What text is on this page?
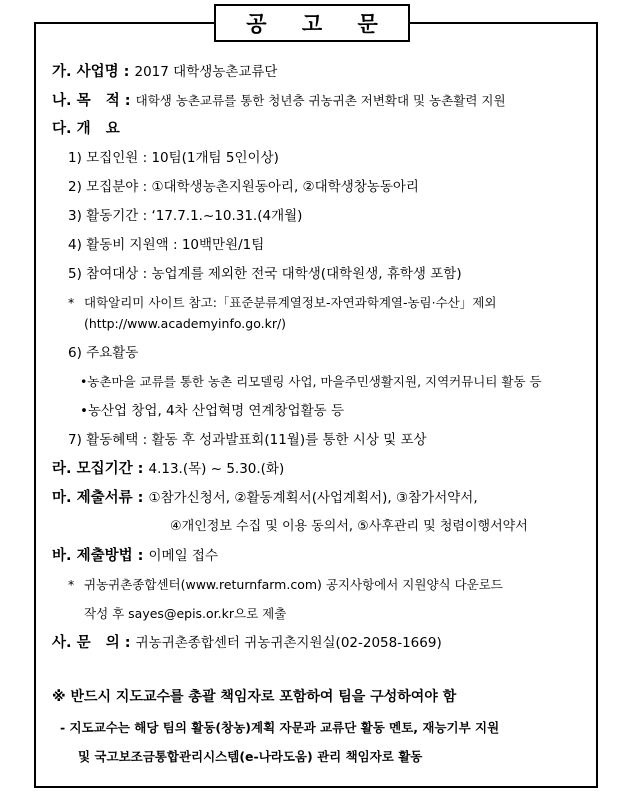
공 고 문
가. 사업명 : 2017 대학생농촌교류단
나. 목   적 : 대학생 농촌교류를 통한 청년층 귀농귀촌 저변확대 및 농촌활력 지원
다. 개   요
1) 모집인원 : 10팀(1개팀 5인이상)
2) 모집분야 : ①대학생농촌지원동아리, ②대학생창농동아리
3) 활동기간 : ‘17.7.1.~10.31.(4개월)
4) 활동비 지원액 : 10백만원/1팀
5) 참여대상 : 농업계를 제외한 전국 대학생(대학원생, 휴학생 포함)
* 대학알리미 사이트 참고:「표준분류계열정보-자연과학계열-농림·수산」제외
(http://www.academyinfo.go.kr/)
6) 주요활동
•농촌마을 교류를 통한 농촌 리모델링 사업, 마을주민생활지원, 지역커뮤니티 활동 등
•농산업 창업, 4차 산업혁명 연계창업활동 등
7) 활동혜택 : 활동 후 성과발표회(11월)를 통한 시상 및 포상
라. 모집기간 : 4.13.(목) ~ 5.30.(화)
마. 제출서류 : ①참가신청서, ②활동계획서(사업계획서), ③참가서약서,
④개인정보 수집 및 이용 동의서, ⑤사후관리 및 청렴이행서약서
바. 제출방법 : 이메일 접수
* 귀농귀촌종합센터(www.returnfarm.com) 공지사항에서 지원양식 다운로드
작성 후 sayes@epis.or.kr으로 제출
사. 문   의 : 귀농귀촌종합센터 귀농귀촌지원실(02-2058-1669)
※ 반드시 지도교수를 총괄 책임자로 포함하여 팀을 구성하여야 함
- 지도교수는 해당 팀의 활동(창농)계획 자문과 교류단 활동 멘토, 재능기부 지원
및 국고보조금통합관리시스템(e-나라도움) 관리 책임자로 활동
